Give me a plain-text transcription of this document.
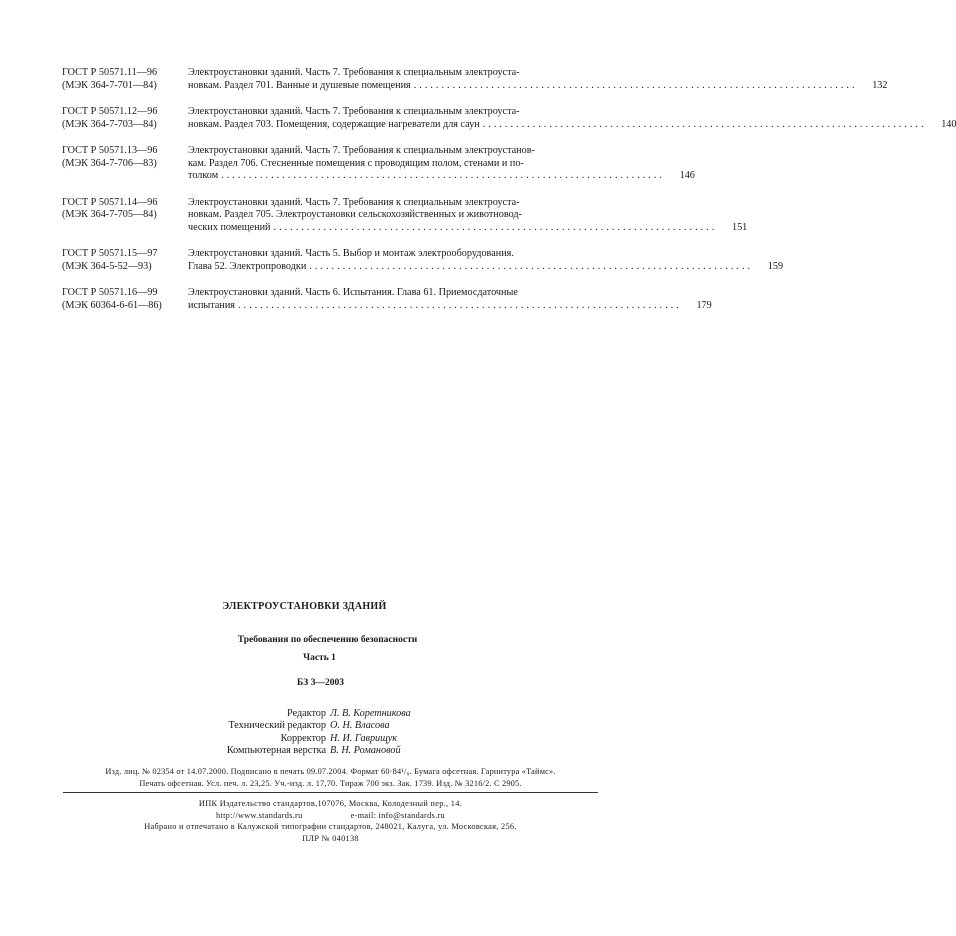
ГОСТ Р 50571.11—96
(МЭК 364-7-701—84)
Электроустановки зданий. Часть 7. Требования к специальным электроуста-
новкам. Раздел 701. Ванные и душевые помещения ................................................................................	132
ГОСТ Р 50571.12—96
(МЭК 364-7-703—84)
Электроустановки зданий. Часть 7. Требования к специальным электроуста-
новкам. Раздел 703. Помещения, содержащие нагреватели для саун ................................................................................	140
ГОСТ Р 50571.13—96
(МЭК 364-7-706—83)
Электроустановки зданий. Часть 7. Требования к специальным электроустанов-
кам. Раздел 706. Стесненные помещения с проводящим полом, стенами и по-
толком ................................................................................	146
ГОСТ Р 50571.14—96
(МЭК 364-7-705—84)
Электроустановки зданий. Часть 7. Требования к специальным электроуста-
новкам. Раздел 705. Электроустановки сельскохозяйственных и животновод-
ческих помещений ................................................................................	151
ГОСТ Р 50571.15—97
(МЭК 364-5-52—93)
Электроустановки зданий. Часть 5. Выбор и монтаж электрооборудования.
Глава 52. Электропроводки ................................................................................	159
ГОСТ Р 50571.16—99
(МЭК 60364-6-61—86)
Электроустановки зданий. Часть 6. Испытания. Глава 61. Приемосдаточные
испытания ................................................................................	179
ЭЛЕКТРОУСТАНОВКИ ЗДАНИЙ
Требования по обеспечению безопасности
Часть 1
БЗ 3—2003
Редактор Л. В. Коретникова
Технический редактор О. Н. Власова
Корректор Н. И. Гаврищук
Компьютерная верстка В. Н. Романовой
Изд. лиц. № 02354 от 14.07.2000. Подписано в печать 09.07.2004. Формат 60·84¹/₈. Бумага офсетная. Гарнитура «Таймс».
Печать офсетная. Усл. печ. л. 23,25. Уч.-изд. л. 17,70. Тираж 700 экз. Зак. 1739. Изд. № 3216/2. С 2905.
ИПК Издательство стандартов,107076, Москва, Колодезный пер., 14.
http://www.standards.ru	e-mail: info@standards.ru
Набрано и отпечатано в Калужской типографии стандартов, 248021, Калуга, ул. Московская, 256.
ПЛР № 040138
